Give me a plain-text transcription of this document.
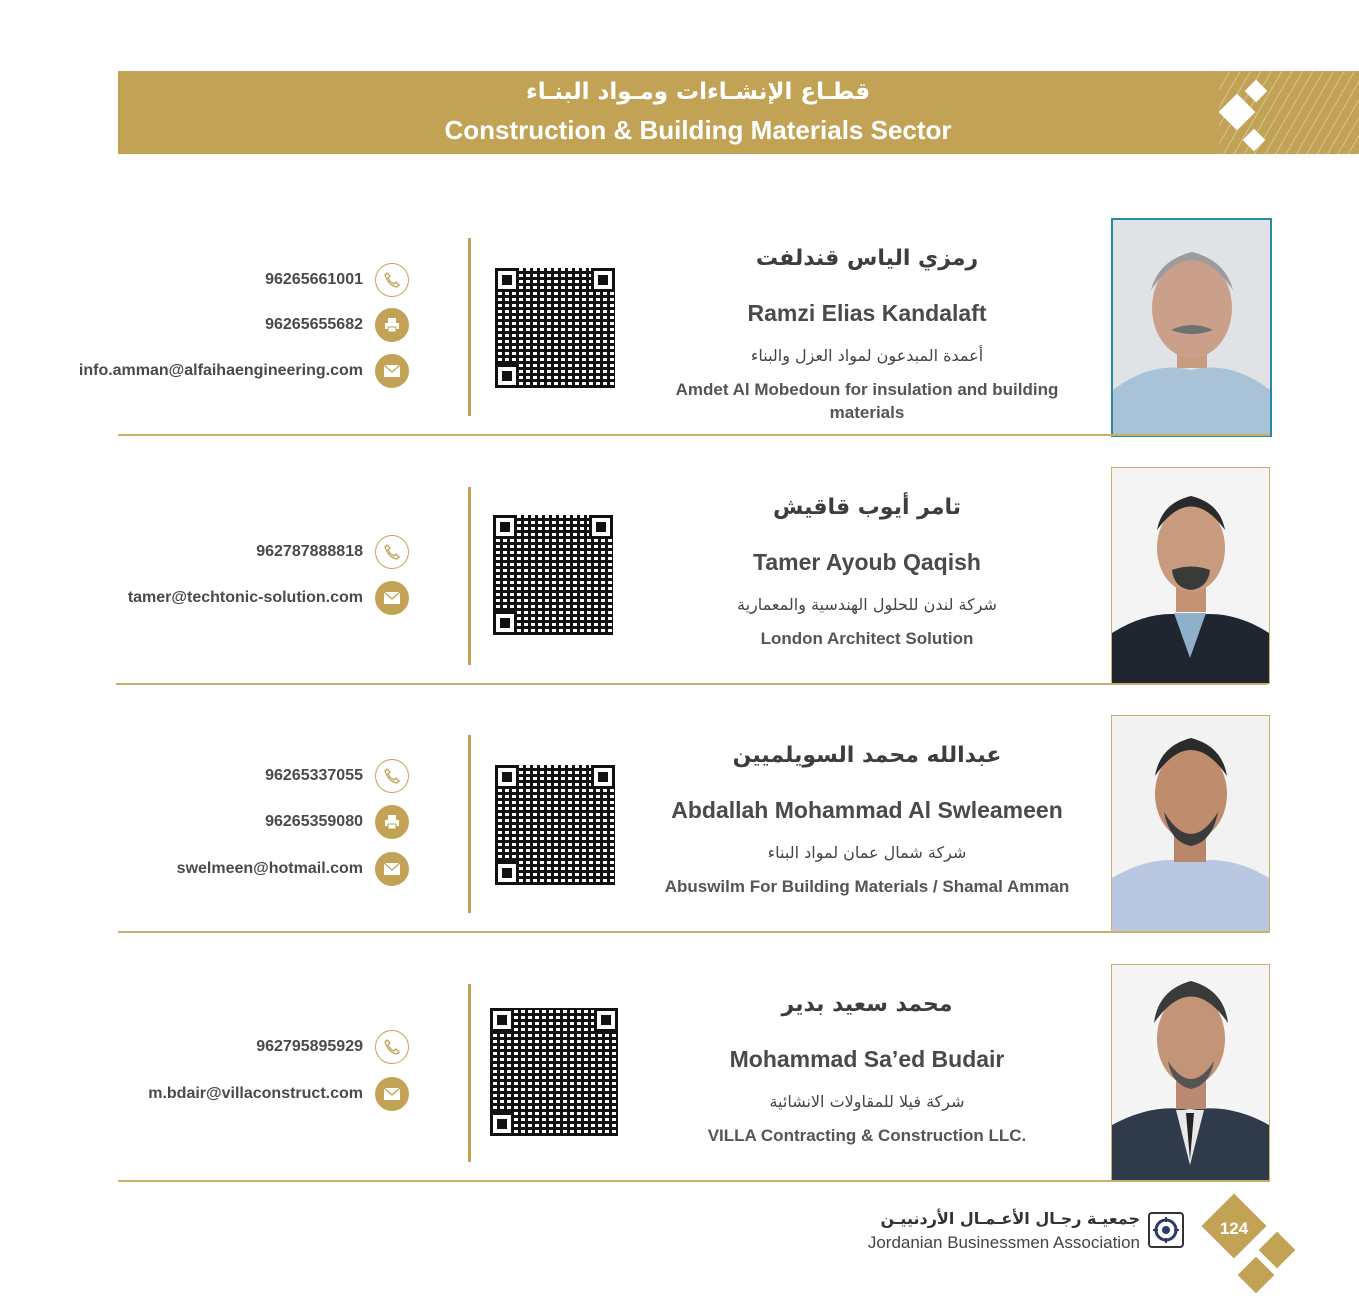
قطـاع الإنشـاءات ومـواد البنـاء
Construction & Building Materials Sector
رمزي الياس قندلفت
Ramzi Elias Kandalaft
أعمدة المبدعون لمواد العزل والبناء
Amdet Al Mobedoun for insulation and building materials
96265661001
96265655682
info.amman@alfaihaengineering.com
تامر أيوب قاقيش
Tamer Ayoub Qaqish
شركة لندن للحلول الهندسية والمعمارية
London Architect Solution
962787888818
tamer@techtonic-solution.com
عبدالله محمد السويلميين
Abdallah Mohammad Al Swleameen
شركة شمال عمان لمواد البناء
Abuswilm For Building Materials / Shamal Amman
96265337055
96265359080
swelmeen@hotmail.com
محمد سعيد بدير
Mohammad Sa’ed Budair
شركة فيلا للمقاولات الانشائية
VILLA Contracting & Construction LLC.
962795895929
m.bdair@villaconstruct.com
جمعيـة رجـال الأعـمـال الأردنييـن
Jordanian Businessmen Association
124
